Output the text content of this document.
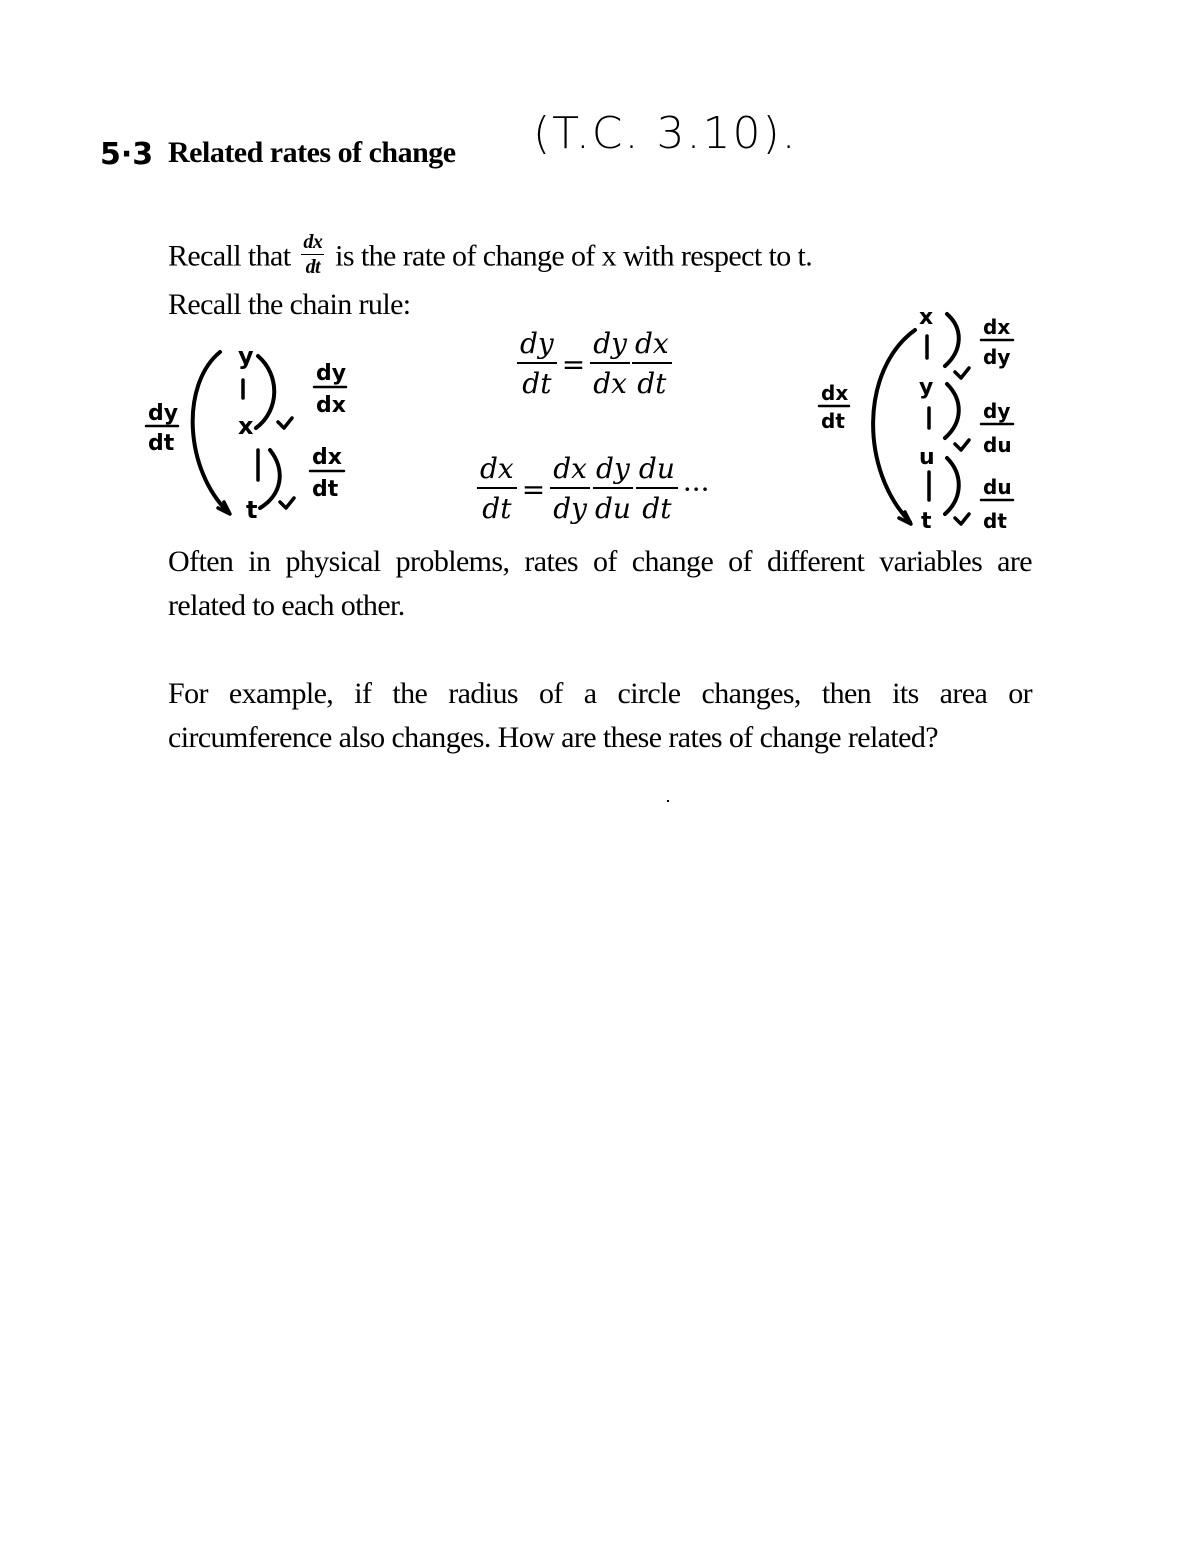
5·3 Related rates of change (T.C. 3.10).
Recall that $\frac{dx}{dt}$ is the rate of change of x with respect to t.
Recall the chain rule:
$\frac{dy}{dt} = \frac{dy}{dx} \frac{dx}{dt}$
$\frac{dx}{dt} = \frac{dx}{dy} \frac{dy}{du} \frac{du}{dt}$ ···
y
x
t
dy
dt
dy
dx
dx
dt
x
y
u
t
dx
dt
dx
dy
dy
du
du
dt
Often in physical problems, rates of change of different variables are related to each other.
For example, if the radius of a circle changes, then its area or circumference also changes. How are these rates of change related?
